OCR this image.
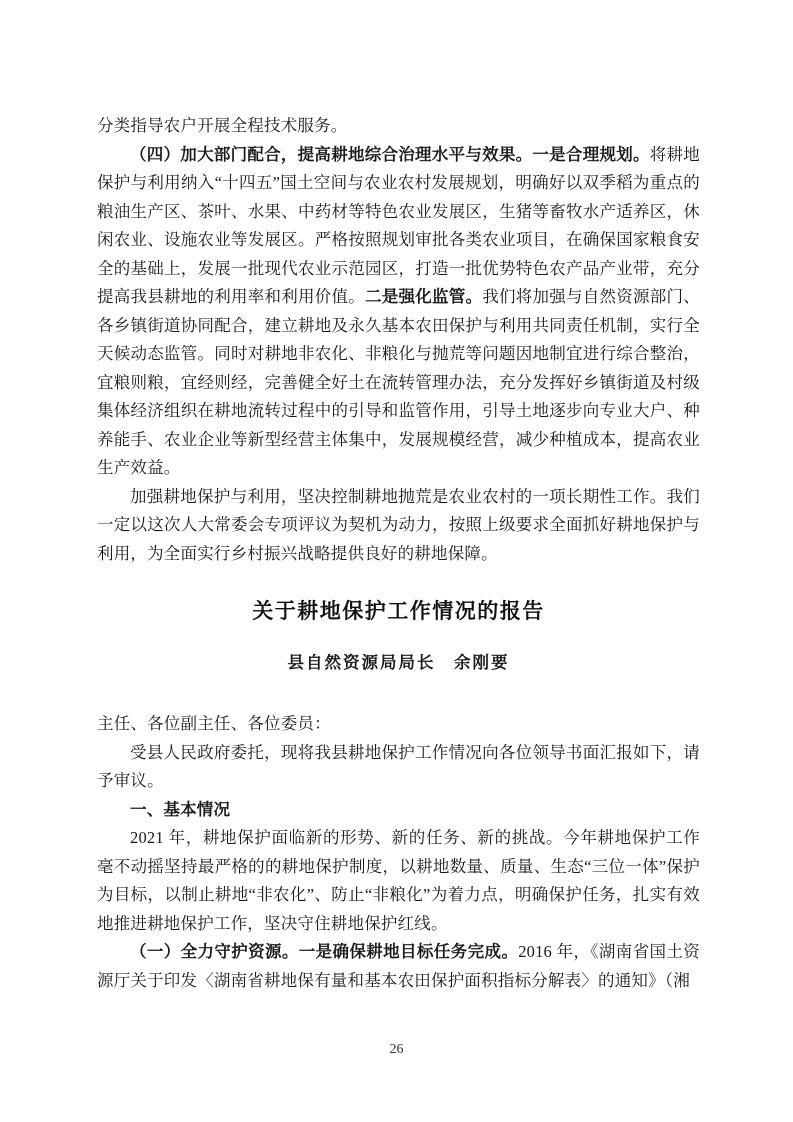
分类指导农户开展全程技术服务。

（四）加大部门配合，提高耕地综合治理水平与效果。一是合理规划。将耕地保护与利用纳入“十四五”国土空间与农业农村发展规划，明确好以双季稻为重点的粮油生产区、茶叶、水果、中药材等特色农业发展区，生猪等畜牧水产适养区，休闲农业、设施农业等发展区。严格按照规划审批各类农业项目，在确保国家粮食安全的基础上，发展一批现代农业示范园区，打造一批优势特色农产品产业带，充分提高我县耕地的利用率和利用价值。二是强化监管。我们将加强与自然资源部门、各乡镇街道协同配合，建立耕地及永久基本农田保护与利用共同责任机制，实行全天候动态监管。同时对耕地非农化、非粮化与抛荒等问题因地制宜进行综合整治，宜粮则粮，宜经则经，完善健全好土在流转管理办法，充分发挥好乡镇街道及村级集体经济组织在耕地流转过程中的引导和监管作用，引导土地逐步向专业大户、种养能手、农业企业等新型经营主体集中，发展规模经营，减少种植成本，提高农业生产效益。

加强耕地保护与利用，坚决控制耕地抛荒是农业农村的一项长期性工作。我们一定以这次人大常委会专项评议为契机为动力，按照上级要求全面抓好耕地保护与利用，为全面实行乡村振兴战略提供良好的耕地保障。

关于耕地保护工作情况的报告
县自然资源局局长　余刚要

主任、各位副主任、各位委员：

受县人民政府委托，现将我县耕地保护工作情况向各位领导书面汇报如下，请予审议。

一、基本情况

2021 年，耕地保护面临新的形势、新的任务、新的挑战。今年耕地保护工作毫不动摇坚持最严格的的耕地保护制度，以耕地数量、质量、生态“三位一体”保护为目标，以制止耕地“非农化”、防止“非粮化”为着力点，明确保护任务，扎实有效地推进耕地保护工作，坚决守住耕地保护红线。

（一）全力守护资源。一是确保耕地目标任务完成。2016 年，《湖南省国土资源厅关于印发〈湖南省耕地保有量和基本农田保护面积指标分解表〉的通知》（湘

26
